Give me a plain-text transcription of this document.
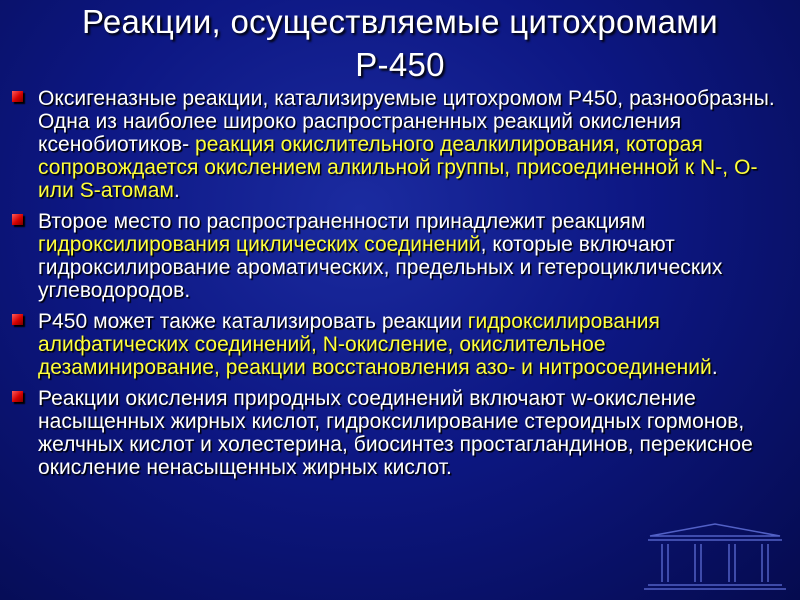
Реакции, осуществляемые цитохромами
Р-450
Оксигеназные реакции, катализируемые цитохромом Р450, разнообразны. Одна из наиболее широко распространенных реакций окисления ксенобиотиков- реакция окислительного деалкилирования, которая сопровождается окислением алкильной группы, присоединенной к N-, O- или S-атомам.
Второе место по распространенности принадлежит реакциям гидроксилирования циклических соединений, которые включают гидроксилирование ароматических, предельных и гетероциклических углеводородов.
Р450 может также катализировать реакции гидроксилирования алифатических соединений, N-окисление, окислительное дезаминирование, реакции восстановления азо- и нитросоединений.
Реакции окисления природных соединений включают w-окисление насыщенных жирных кислот, гидроксилирование стероидных гормонов, желчных кислот и холестерина, биосинтез простагландинов, перекисное окисление ненасыщенных жирных кислот.
